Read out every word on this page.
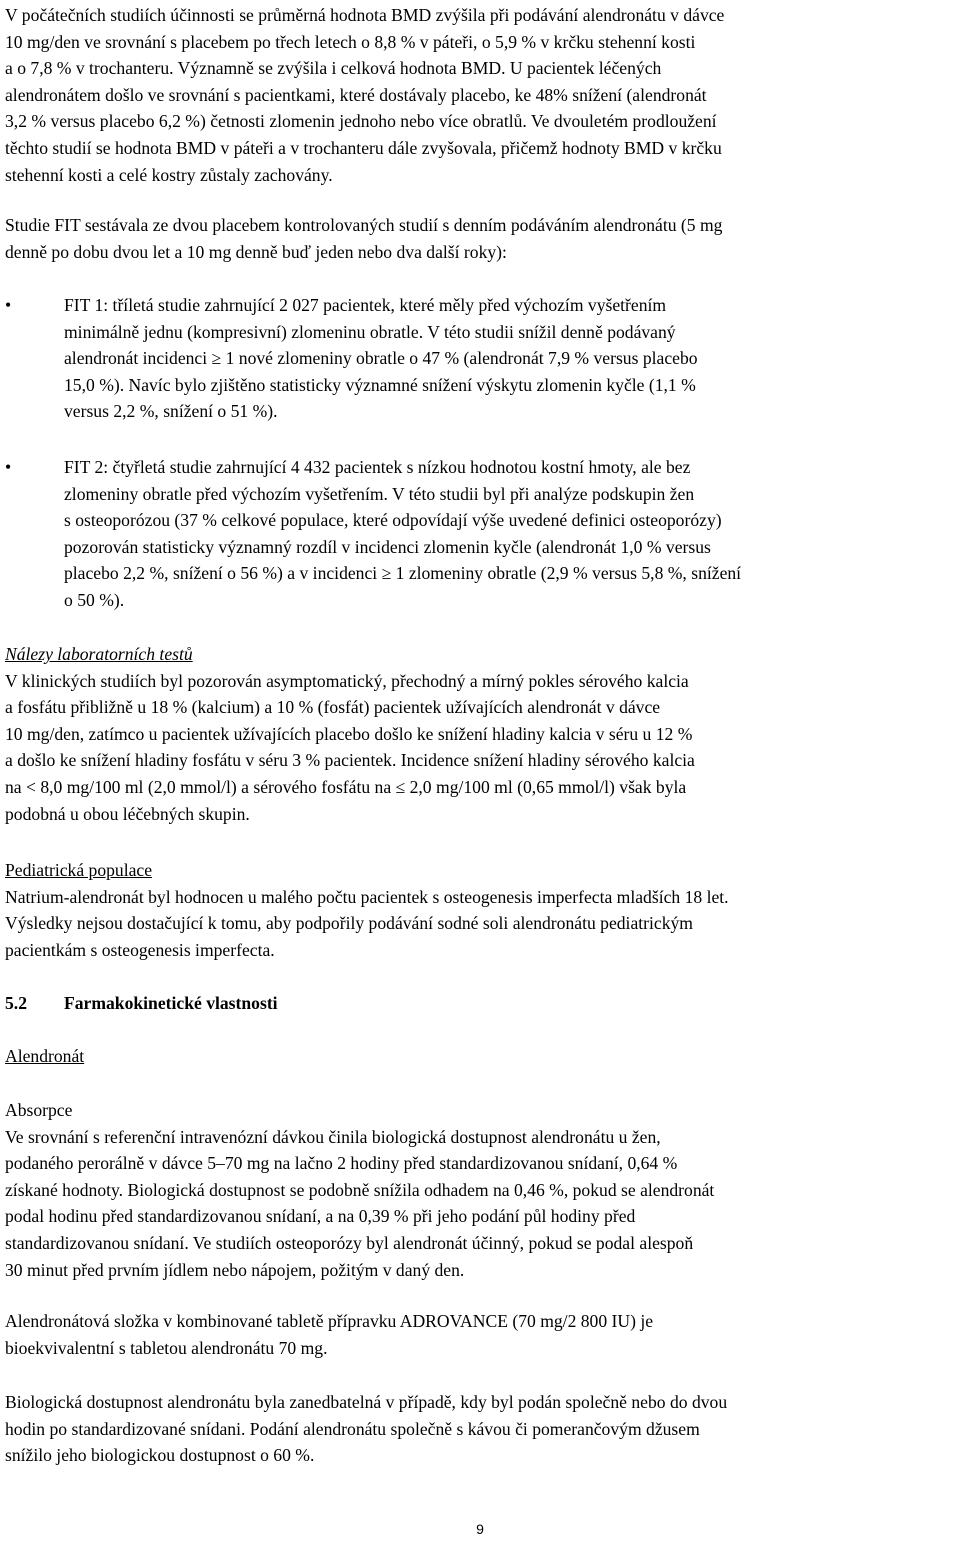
V počátečních studiích účinnosti se průměrná hodnota BMD zvýšila při podávání alendronátu v dávce
10 mg/den ve srovnání s placebem po třech letech o 8,8 % v páteři, o 5,9 % v krčku stehenní kosti
a o 7,8 % v trochanteru. Významně se zvýšila i celková hodnota BMD. U pacientek léčených
alendronátem došlo ve srovnání s pacientkami, které dostávaly placebo, ke 48% snížení (alendronát
3,2 % versus placebo 6,2 %) četnosti zlomenin jednoho nebo více obratlů. Ve dvouletém prodloužení
těchto studií se hodnota BMD v páteři a v trochanteru dále zvyšovala, přičemž hodnoty BMD v krčku
stehenní kosti a celé kostry zůstaly zachovány.

Studie FIT sestávala ze dvou placebem kontrolovaných studií s denním podáváním alendronátu (5 mg
denně po dobu dvou let a 10 mg denně buď jeden nebo dva další roky):

•	FIT 1: tříletá studie zahrnující 2 027 pacientek, které měly před výchozím vyšetřením
minimálně jednu (kompresivní) zlomeninu obratle. V této studii snížil denně podávaný
alendronát incidenci ≥ 1 nové zlomeniny obratle o 47 % (alendronát 7,9 % versus placebo
15,0 %). Navíc bylo zjištěno statisticky významné snížení výskytu zlomenin kyčle (1,1 %
versus 2,2 %, snížení o 51 %).

•	FIT 2: čtyřletá studie zahrnující 4 432 pacientek s nízkou hodnotou kostní hmoty, ale bez
zlomeniny obratle před výchozím vyšetřením. V této studii byl při analýze podskupin žen
s osteoporózou (37 % celkové populace, které odpovídají výše uvedené definici osteoporózy)
pozorován statisticky významný rozdíl v incidenci zlomenin kyčle (alendronát 1,0 % versus
placebo 2,2 %, snížení o 56 %) a v incidenci ≥ 1 zlomeniny obratle (2,9 % versus 5,8 %, snížení
o 50 %).

Nálezy laboratorních testů
V klinických studiích byl pozorován asymptomatický, přechodný a mírný pokles sérového kalcia
a fosfátu přibližně u 18 % (kalcium) a 10 % (fosfát) pacientek užívajících alendronát v dávce
10 mg/den, zatímco u pacientek užívajících placebo došlo ke snížení hladiny kalcia v séru u 12 %
a došlo ke snížení hladiny fosfátu v séru 3 % pacientek. Incidence snížení hladiny sérového kalcia
na < 8,0 mg/100 ml (2,0 mmol/l) a sérového fosfátu na ≤ 2,0 mg/100 ml (0,65 mmol/l) však byla
podobná u obou léčebných skupin.

Pediatrická populace
Natrium-alendronát byl hodnocen u malého počtu pacientek s osteogenesis imperfecta mladších 18 let.
Výsledky nejsou dostačující k tomu, aby podpořily podávání sodné soli alendronátu pediatrickým
pacientkám s osteogenesis imperfecta.

5.2 Farmakokinetické vlastnosti

Alendronát

Absorpce
Ve srovnání s referenční intravenózní dávkou činila biologická dostupnost alendronátu u žen,
podaného perorálně v dávce 5–70 mg na lačno 2 hodiny před standardizovanou snídaní, 0,64 %
získané hodnoty. Biologická dostupnost se podobně snížila odhadem na 0,46 %, pokud se alendronát
podal hodinu před standardizovanou snídaní, a na 0,39 % při jeho podání půl hodiny před
standardizovanou snídaní. Ve studiích osteoporózy byl alendronát účinný, pokud se podal alespoň
30 minut před prvním jídlem nebo nápojem, požitým v daný den.

Alendronátová složka v kombinované tabletě přípravku ADROVANCE (70 mg/2 800 IU) je
bioekvivalentní s tabletou alendronátu 70 mg.

Biologická dostupnost alendronátu byla zanedbatelná v případě, kdy byl podán společně nebo do dvou
hodin po standardizované snídani. Podání alendronátu společně s kávou či pomerančovým džusem
snížilo jeho biologickou dostupnost o 60 %.

9
